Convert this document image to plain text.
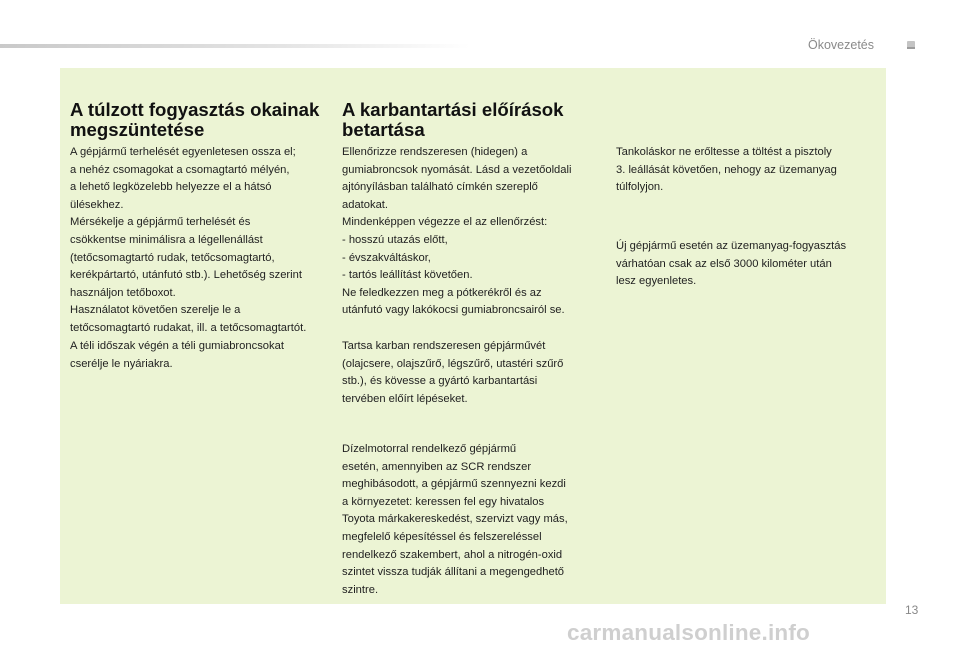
Ökovezetés
A túlzott fogyasztás okainak
megszüntetése

A gépjármű terhelését egyenletesen ossza el;
a nehéz csomagokat a csomagtartó mélyén,
a lehető legközelebb helyezze el a hátsó
ülésekhez.
Mérsékelje a gépjármű terhelését és
csökkentse minimálisra a légellenállást
(tetőcsomagtartó rudak, tetőcsomagtartó,
kerékpártartó, utánfutó stb.). Lehetőség szerint
használjon tetőboxot.
Használatot követően szerelje le a
tetőcsomagtartó rudakat, ill. a tetőcsomagtartót.

A téli időszak végén a téli gumiabroncsokat
cserélje le nyáriakra.

A karbantartási előírások
betartása

Ellenőrizze rendszeresen (hidegen) a
gumiabroncsok nyomását. Lásd a vezetőoldali
ajtónyílásban található címkén szereplő
adatokat.
Mindenképpen végezze el az ellenőrzést:
- hosszú utazás előtt,
- évszakváltáskor,
- tartós leállítást követően.
Ne feledkezzen meg a pótkerékről és az
utánfutó vagy lakókocsi gumiabroncsairól se.

Tartsa karban rendszeresen gépjárművét
(olajcsere, olajszűrő, légszűrő, utastéri szűrő
stb.), és kövesse a gyártó karbantartási
tervében előírt lépéseket.

Dízelmotorral rendelkező gépjármű
esetén, amennyiben az SCR rendszer
meghibásodott, a gépjármű szennyezni kezdi
a környezetet: keressen fel egy hivatalos
Toyota márkakereskedést, szervizt vagy más,
megfelelő képesítéssel és felszereléssel
rendelkező szakembert, ahol a nitrogén-oxid
szintet vissza tudják állítani a megengedhető
szintre.

Tankoláskor ne erőltesse a töltést a pisztoly
3. leállását követően, nehogy az üzemanyag
túlfolyjon.

Új gépjármű esetén az üzemanyag-fogyasztás
várhatóan csak az első 3000 kilométer után
lesz egyenletes.

13
carmanualsonline.info
